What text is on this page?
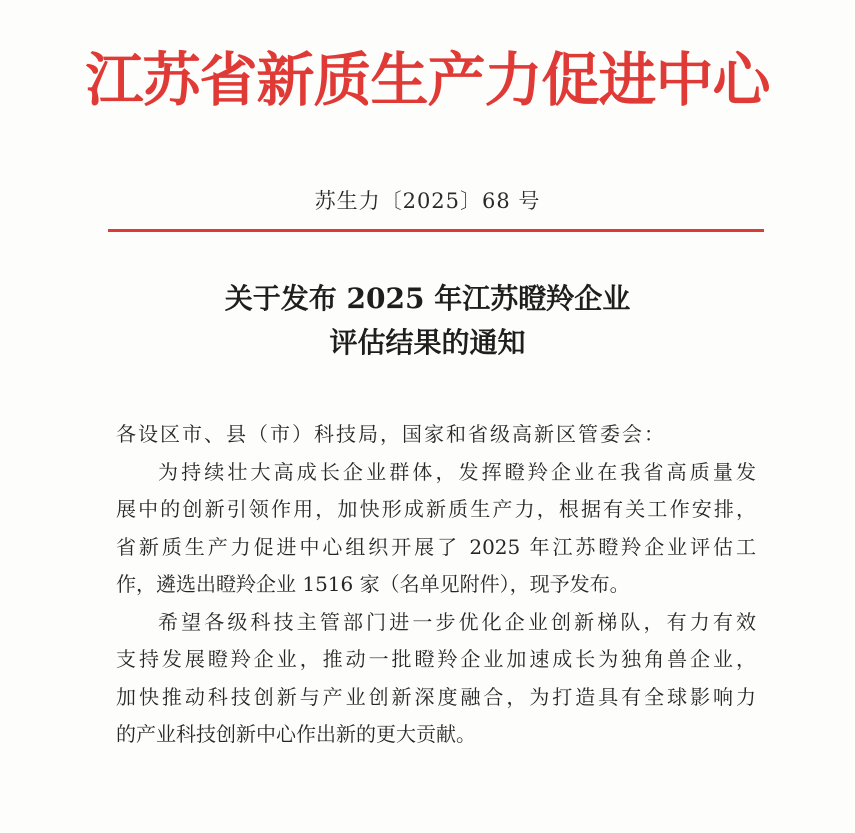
江苏省新质生产力促进中心
苏生力〔2025〕68 号
关于发布 2025 年江苏瞪羚企业
评估结果的通知

各设区市、县（市）科技局，国家和省级高新区管委会：

为持续壮大高成长企业群体，发挥瞪羚企业在我省高质量发

展中的创新引领作用，加快形成新质生产力，根据有关工作安排，

省新质生产力促进中心组织开展了 2025 年江苏瞪羚企业评估工

作，遴选出瞪羚企业 1516 家（名单见附件），现予发布。

希望各级科技主管部门进一步优化企业创新梯队，有力有效

支持发展瞪羚企业，推动一批瞪羚企业加速成长为独角兽企业，

加快推动科技创新与产业创新深度融合，为打造具有全球影响力

的产业科技创新中心作出新的更大贡献。
